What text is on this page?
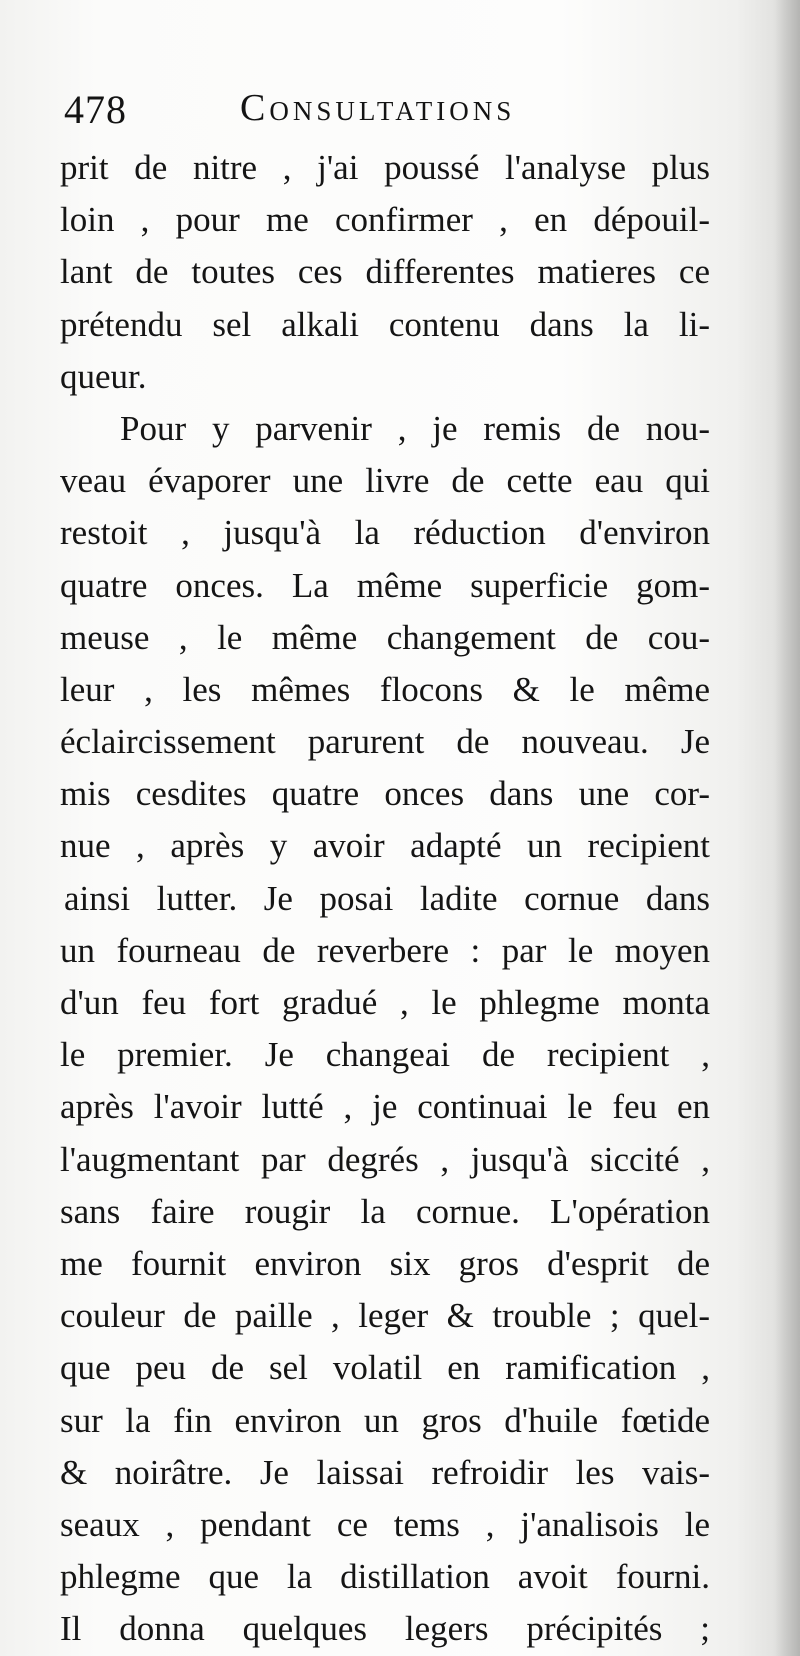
478	Consultations
prit de nitre , j'ai poussé l'analyse plus
loin , pour me confirmer , en dépouil-
lant de toutes ces differentes matieres ce
prétendu sel alkali contenu dans la li-
queur.
Pour y parvenir , je remis de nou-
veau évaporer une livre de cette eau qui
restoit , jusqu'à la réduction d'environ
quatre onces. La même superficie gom-
meuse , le même changement de cou-
leur , les mêmes flocons & le même
éclaircissement parurent de nouveau. Je
mis cesdites quatre onces dans une cor-
nue , après y avoir adapté un recipient
ainsi lutter. Je posai ladite cornue dans
un fourneau de reverbere : par le moyen
d'un feu fort gradué , le phlegme monta
le premier. Je changeai de recipient ,
après l'avoir lutté , je continuai le feu en
l'augmentant par degrés , jusqu'à siccité ,
sans faire rougir la cornue. L'opération
me fournit environ six gros d'esprit de
couleur de paille , leger & trouble ; quel-
que peu de sel volatil en ramification ,
sur la fin environ un gros d'huile fœtide
& noirâtre. Je laissai refroidir les vais-
seaux , pendant ce tems , j'analisois le
phlegme que la distillation avoit fourni.
Il donna quelques legers précipités ;
